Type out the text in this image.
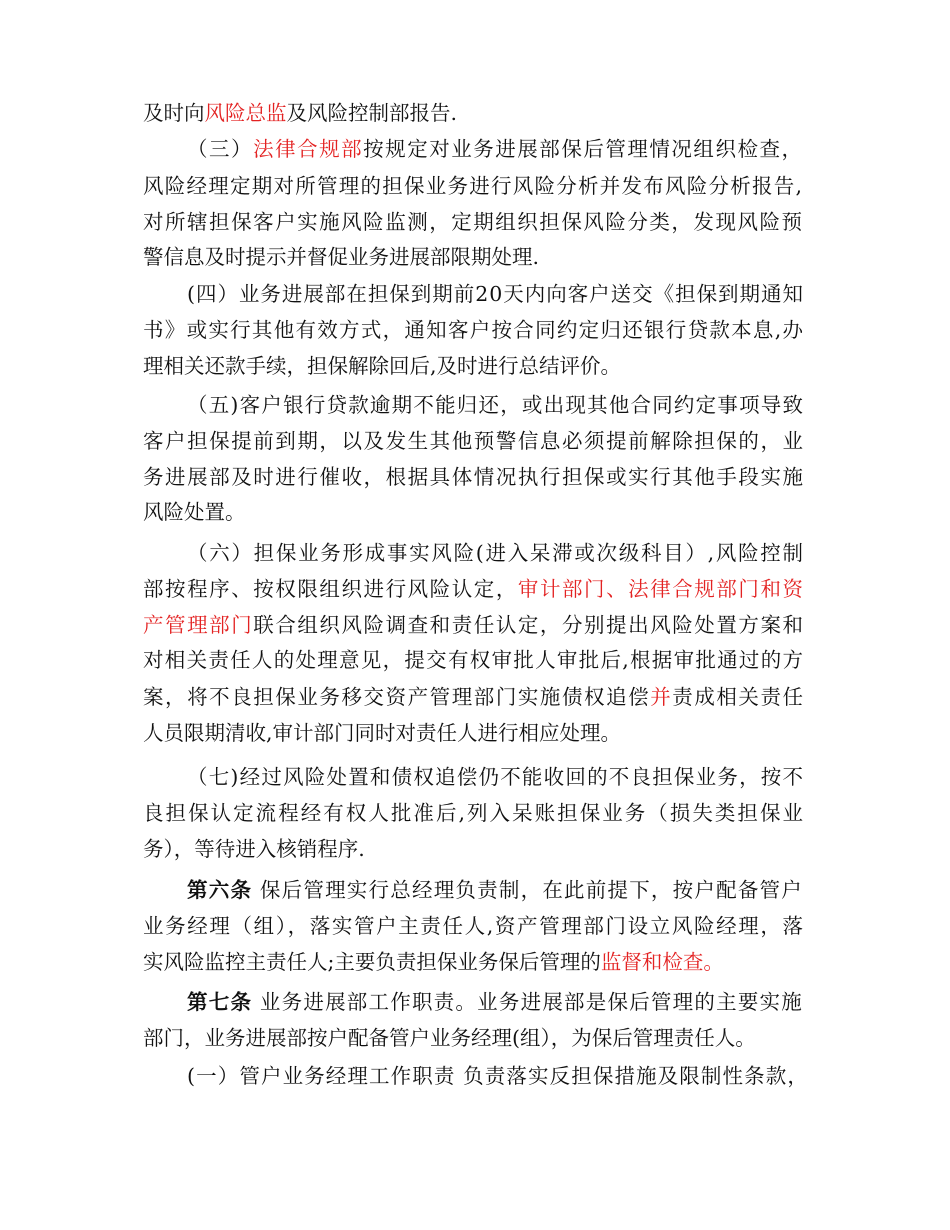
及时向风险总监及风险控制部报告.
（三）法律合规部按规定对业务进展部保后管理情况组织检查，
风险经理定期对所管理的担保业务进行风险分析并发布风险分析报告,
对所辖担保客户实施风险监测，定期组织担保风险分类，发现风险预
警信息及时提示并督促业务进展部限期处理.
(四）业务进展部在担保到期前20天内向客户送交《担保到期通知
书》或实行其他有效方式，通知客户按合同约定归还银行贷款本息,办
理相关还款手续，担保解除回后,及时进行总结评价。
（五)客户银行贷款逾期不能归还，或出现其他合同约定事项导致
客户担保提前到期，以及发生其他预警信息必须提前解除担保的，业
务进展部及时进行催收，根据具体情况执行担保或实行其他手段实施
风险处置。
（六）担保业务形成事实风险(进入呆滞或次级科目）,风险控制
部按程序、按权限组织进行风险认定，审计部门、法律合规部门和资
产管理部门联合组织风险调查和责任认定，分别提出风险处置方案和
对相关责任人的处理意见，提交有权审批人审批后,根据审批通过的方
案，将不良担保业务移交资产管理部门实施债权追偿并责成相关责任
人员限期清收,审计部门同时对责任人进行相应处理。
（七)经过风险处置和债权追偿仍不能收回的不良担保业务，按不
良担保认定流程经有权人批准后,列入呆账担保业务（损失类担保业
务），等待进入核销程序.
第六条 保后管理实行总经理负责制，在此前提下，按户配备管户
业务经理（组），落实管户主责任人,资产管理部门设立风险经理，落
实风险监控主责任人;主要负责担保业务保后管理的监督和检查。
第七条 业务进展部工作职责。业务进展部是保后管理的主要实施
部门，业务进展部按户配备管户业务经理(组），为保后管理责任人。
(一）管户业务经理工作职责 负责落实反担保措施及限制性条款，
